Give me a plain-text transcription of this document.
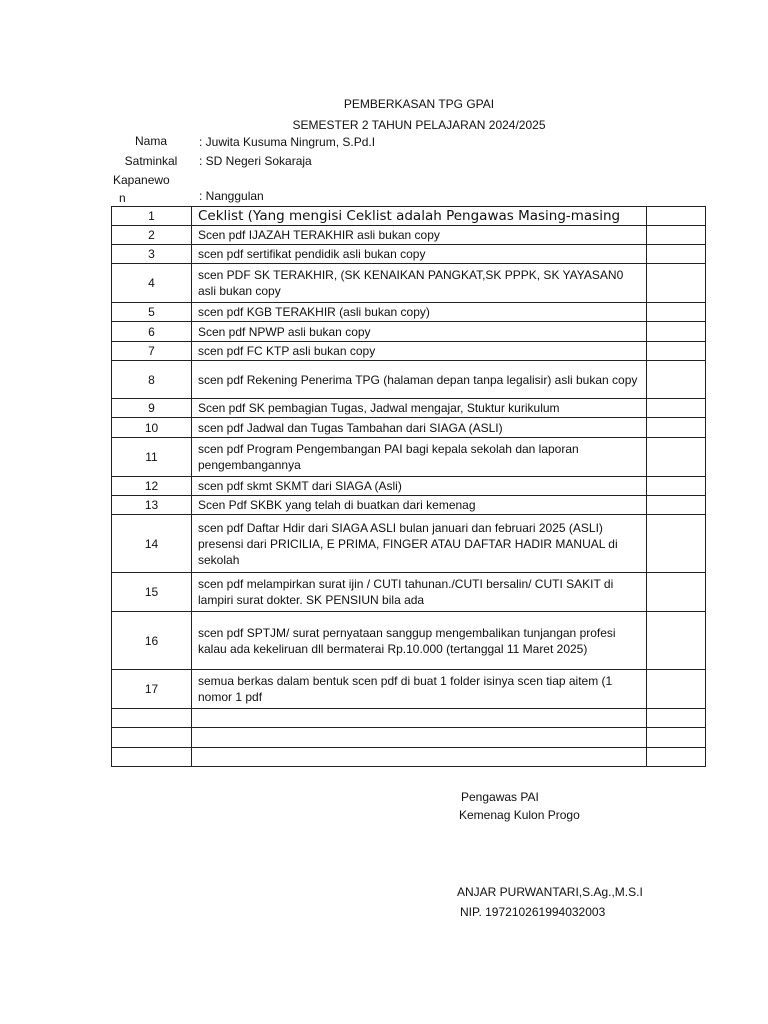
PEMBERKASAN TPG GPAI
SEMESTER 2 TAHUN PELAJARAN 2024/2025
Nama	: Juwita Kusuma Ningrum, S.Pd.I
Satminkal	: SD Negeri Sokaraja
Kapanewo
n	: Nanggulan
1	Ceklist (Yang mengisi Ceklist adalah Pengawas Masing-masing	
2	Scen pdf IJAZAH TERAKHIR asli bukan copy	
3	scen pdf sertifikat pendidik asli bukan copy	
4	scen PDF SK TERAKHIR, (SK KENAIKAN PANGKAT,SK PPPK, SK YAYASAN0 asli bukan copy	
5	scen pdf KGB TERAKHIR (asli bukan copy)	
6	Scen pdf NPWP asli bukan copy	
7	scen pdf FC KTP asli bukan copy	
8	scen pdf Rekening Penerima TPG (halaman depan tanpa legalisir) asli bukan copy	
9	Scen pdf SK pembagian Tugas, Jadwal mengajar, Stuktur kurikulum	
10	scen pdf Jadwal dan Tugas Tambahan dari SIAGA (ASLI)	
11	scen pdf Program Pengembangan PAI bagi kepala sekolah dan laporan pengembangannya	
12	scen pdf skmt SKMT dari SIAGA (Asli)	
13	Scen Pdf SKBK yang telah di buatkan dari kemenag	
14	scen pdf Daftar Hdir dari SIAGA ASLI bulan januari dan februari 2025 (ASLI) presensi dari PRICILIA, E PRIMA, FINGER ATAU DAFTAR HADIR MANUAL di sekolah	
15	scen pdf melampirkan surat ijin / CUTI tahunan./CUTI bersalin/ CUTI SAKIT di lampiri surat dokter. SK PENSIUN bila ada	
16	scen pdf SPTJM/ surat pernyataan sanggup mengembalikan tunjangan profesi kalau ada kekeliruan dll bermaterai Rp.10.000 (tertanggal 11 Maret 2025)	
17	semua berkas dalam bentuk scen pdf di buat 1 folder isinya scen tiap aitem (1 nomor 1 pdf	

Pengawas PAI
Kemenag Kulon Progo
ANJAR PURWANTARI,S.Ag.,M.S.I
NIP. 197210261994032003
